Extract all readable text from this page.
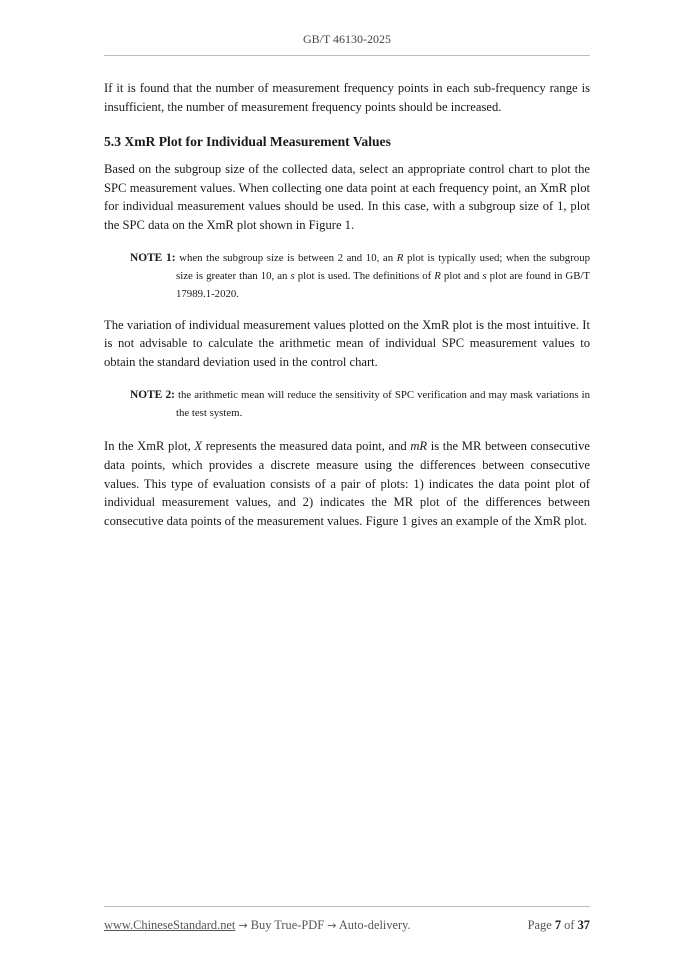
GB/T 46130-2025

If it is found that the number of measurement frequency points in each sub-frequency range is insufficient, the number of measurement frequency points should be increased.

5.3 XmR Plot for Individual Measurement Values

Based on the subgroup size of the collected data, select an appropriate control chart to plot the SPC measurement values. When collecting one data point at each frequency point, an XmR plot for individual measurement values should be used. In this case, with a subgroup size of 1, plot the SPC data on the XmR plot shown in Figure 1.

NOTE 1: when the subgroup size is between 2 and 10, an R plot is typically used; when the subgroup size is greater than 10, an s plot is used. The definitions of R plot and s plot are found in GB/T 17989.1-2020.

The variation of individual measurement values plotted on the XmR plot is the most intuitive. It is not advisable to calculate the arithmetic mean of individual SPC measurement values to obtain the standard deviation used in the control chart.

NOTE 2: the arithmetic mean will reduce the sensitivity of SPC verification and may mask variations in the test system.

In the XmR plot, X represents the measured data point, and mR is the MR between consecutive data points, which provides a discrete measure using the differences between consecutive values. This type of evaluation consists of a pair of plots: 1) indicates the data point plot of individual measurement values, and 2) indicates the MR plot of the differences between consecutive data points of the measurement values. Figure 1 gives an example of the XmR plot.

www.ChineseStandard.net → Buy True-PDF → Auto-delivery.	Page 7 of 37
